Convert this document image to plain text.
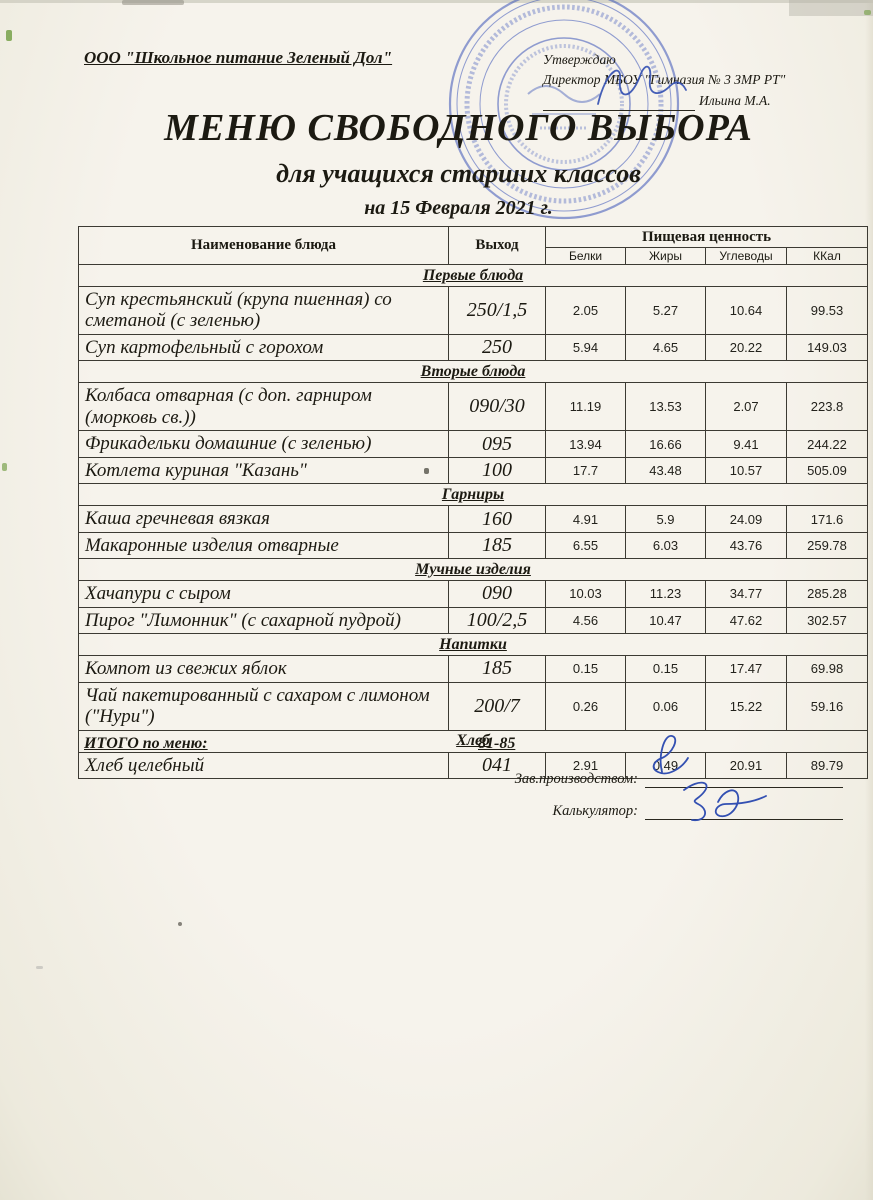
ООО "Школьное питание Зеленый Дол"	Утверждаю
Директор МБОУ "Гимназия № 3 ЗМР РТ"
Ильина М.А.
МЕНЮ СВОБОДНОГО ВЫБОРА
для учащихся старших классов
на 15 Февраля 2021 г.
Наименование блюда	Выход	Пищевая ценность			
		Белки	Жиры	Углеводы	ККал
Первые блюда					
Суп крестьянский (крупа пшенная) со сметаной (с зеленью)	250/1,5	2.05	5.27	10.64	99.53
Суп картофельный с горохом	250	5.94	4.65	20.22	149.03
Вторые блюда					
Колбаса отварная (с доп. гарниром (морковь св.))	090/30	11.19	13.53	2.07	223.8
Фрикадельки домашние (с зеленью)	095	13.94	16.66	9.41	244.22
Котлета куриная "Казань"	100	17.7	43.48	10.57	505.09
Гарниры					
Каша гречневая вязкая	160	4.91	5.9	24.09	171.6
Макаронные изделия отварные	185	6.55	6.03	43.76	259.78
Мучные изделия					
Хачапури с сыром	090	10.03	11.23	34.77	285.28
Пирог "Лимонник" (с сахарной пудрой)	100/2,5	4.56	10.47	47.62	302.57
Напитки					
Компот из свежих яблок	185	0.15	0.15	17.47	69.98
Чай пакетированный с сахаром с лимоном ("Нури")	200/7	0.26	0.06	15.22	59.16
Хлеб					
Хлеб целебный	041	2.91	0.49	20.91	89.79
ИТОГО по меню:	81-85
Зав.производством:
Калькулятор:
